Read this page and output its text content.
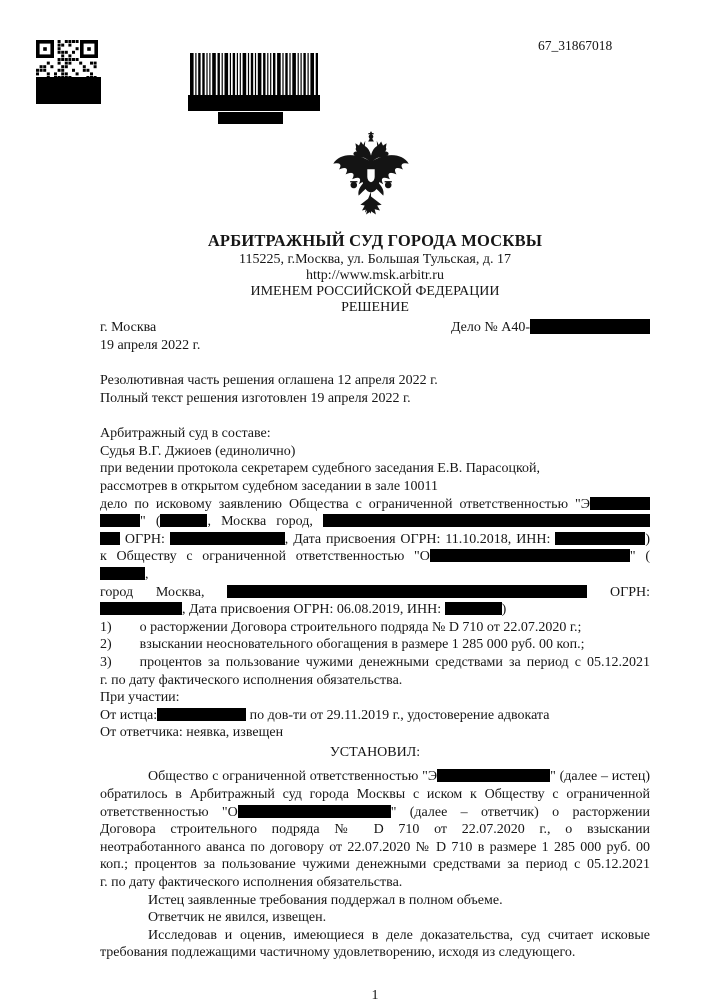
67_31867018
АРБИТРАЖНЫЙ СУД ГОРОДА МОСКВЫ
115225, г.Москва, ул. Большая Тульская, д. 17
http://www.msk.arbitr.ru
ИМЕНЕМ РОССИЙСКОЙ ФЕДЕРАЦИИ
РЕШЕНИЕ
г. Москва	Дело № А40-
19 апреля 2022 г.
Резолютивная часть решения оглашена 12 апреля 2022 г.
Полный текст решения изготовлен 19 апреля 2022 г.
Арбитражный суд в составе:
Судья В.Г. Джиоев (единолично)
при ведении протокола секретарем судебного заседания Е.В. Парасоцкой,
рассмотрев в открытом судебном заседании в зале 10011
дело по исковому заявлению Общества с ограниченной ответственностью "Э
" (	, Москва город,
ОГРН:	, Дата присвоения ОГРН: 11.10.2018, ИНН:	)
к Обществу с ограниченной ответственностью "О	" (,
город Москва,	ОГРН:
, Дата присвоения ОГРН: 06.08.2019, ИНН:	)
1) о расторжении Договора строительного подряда № D 710 от 22.07.2020 г.;
2) взыскании неосновательного обогащения в размере 1 285 000 руб. 00 коп.;
3) процентов за пользование чужими денежными средствами за период с 05.12.2021
г. по дату фактического исполнения обязательства.
При участии:
От истца:	по дов-ти от 29.11.2019 г., удостоверение адвоката
От ответчика: неявка, извещен
УСТАНОВИЛ:
Общество с ограниченной ответственностью "Э	" (далее – истец)
обратилось в Арбитражный суд города Москвы с иском к Обществу с ограниченной
ответственностью "О	" (далее – ответчик) о расторжении
Договора строительного подряда № D 710 от 22.07.2020 г., о взыскании
неотработанного аванса по договору от 22.07.2020 № D 710 в размере 1 285 000 руб. 00
коп.; процентов за пользование чужими денежными средствами за период с 05.12.2021
г. по дату фактического исполнения обязательства.
Истец заявленные требования поддержал в полном объеме.
Ответчик не явился, извещен.
Исследовав и оценив, имеющиеся в деле доказательства, суд считает исковые
требования подлежащими частичному удовлетворению, исходя из следующего.
1
